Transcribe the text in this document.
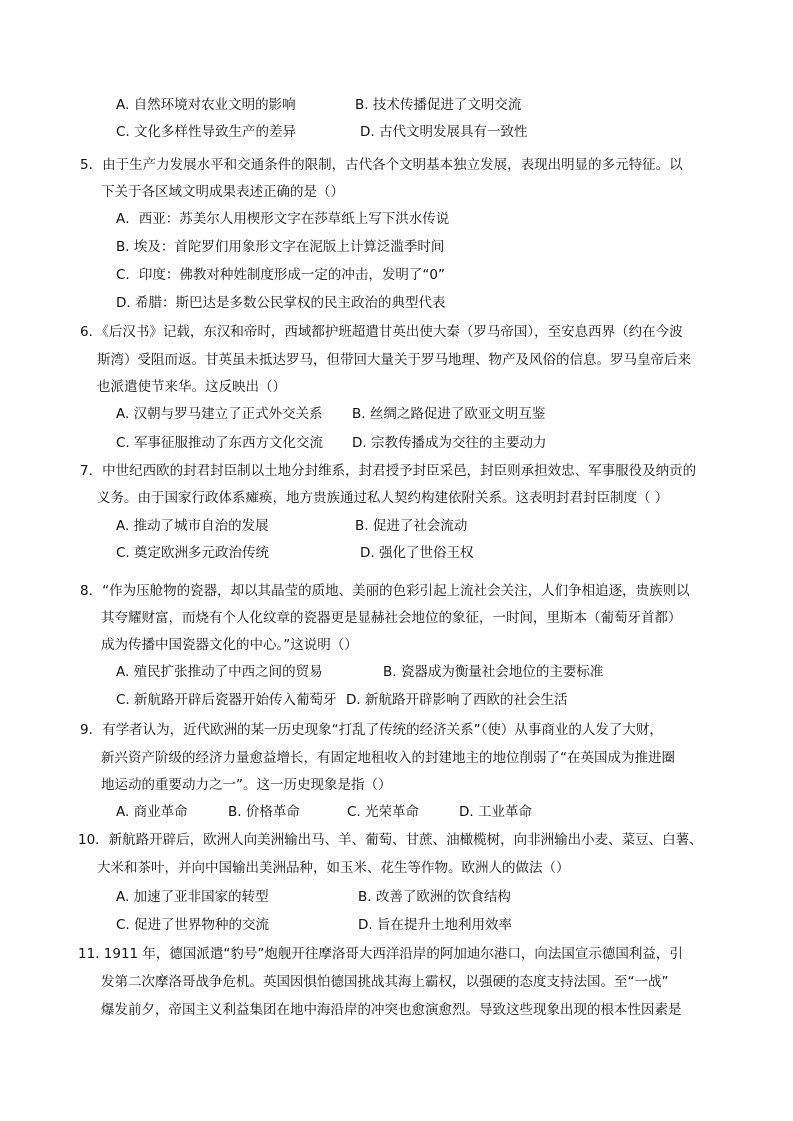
A. 自然环境对农业文明的影响	B. 技术传播促进了文明交流
C. 文化多样性导致生产的差异	D. 古代文明发展具有一致性
5．由于生产力发展水平和交通条件的限制，古代各个文明基本独立发展，表现出明显的多元特征。以
下关于各区域文明成果表述正确的是（）
A．西亚：苏美尔人用楔形文字在莎草纸上写下洪水传说
B. 埃及：首陀罗们用象形文字在泥版上计算泛滥季时间
C．印度：佛教对种姓制度形成一定的冲击，发明了“0”
D. 希腊：斯巴达是多数公民掌权的民主政治的典型代表
6．《后汉书》记载，东汉和帝时，西域都护班超遣甘英出使大秦（罗马帝国），至安息西界（约在今波
斯湾）受阻而返。甘英虽未抵达罗马，但带回大量关于罗马地理、物产及风俗的信息。罗马皇帝后来
也派遣使节来华。这反映出（）
A. 汉朝与罗马建立了正式外交关系 B. 丝绸之路促进了欧亚文明互鉴
C. 军事征服推动了东西方文化交流 D. 宗教传播成为交往的主要动力
7．中世纪西欧的封君封臣制以土地分封维系，封君授予封臣采邑，封臣则承担效忠、军事服役及纳贡的
义务。由于国家行政体系瘫痪，地方贵族通过私人契约构建依附关系。这表明封君封臣制度（ ）
A. 推动了城市自治的发展	B. 促进了社会流动
C. 奠定欧洲多元政治传统	D. 强化了世俗王权
8．“作为压舱物的瓷器，却以其晶莹的质地、美丽的色彩引起上流社会关注，人们争相追逐，贵族则以
其夸耀财富，而烧有个人化纹章的瓷器更是显赫社会地位的象征，一时间，里斯本（葡萄牙首都）
成为传播中国瓷器文化的中心。”这说明（）
A. 殖民扩张推动了中西之间的贸易	B. 瓷器成为衡量社会地位的主要标准
C. 新航路开辟后瓷器开始传入葡萄牙 D. 新航路开辟影响了西欧的社会生活
9．有学者认为，近代欧洲的某一历史现象“打乱了传统的经济关系”（使）从事商业的人发了大财，
新兴资产阶级的经济力量愈益增长，有固定地租收入的封建地主的地位削弱了“在英国成为推进圈
地运动的重要动力之一”。这一历史现象是指（）
A. 商业革命	B. 价格革命	C. 光荣革命	D. 工业革命
10．新航路开辟后，欧洲人向美洲输出马、羊、葡萄、甘蔗、油橄榄树，向非洲输出小麦、菜豆、白薯、
大米和茶叶，并向中国输出美洲品种，如玉米、花生等作物。欧洲人的做法（）
A. 加速了亚非国家的转型	B. 改善了欧洲的饮食结构
C. 促进了世界物种的交流	D. 旨在提升土地利用效率
11. 1911 年，德国派遣“豹号”炮舰开往摩洛哥大西洋沿岸的阿加迪尔港口，向法国宣示德国利益，引
发第二次摩洛哥战争危机。英国因惧怕德国挑战其海上霸权，以强硬的态度支持法国。至“一战”
爆发前夕，帝国主义利益集团在地中海沿岸的冲突也愈演愈烈。导致这些现象出现的根本性因素是
